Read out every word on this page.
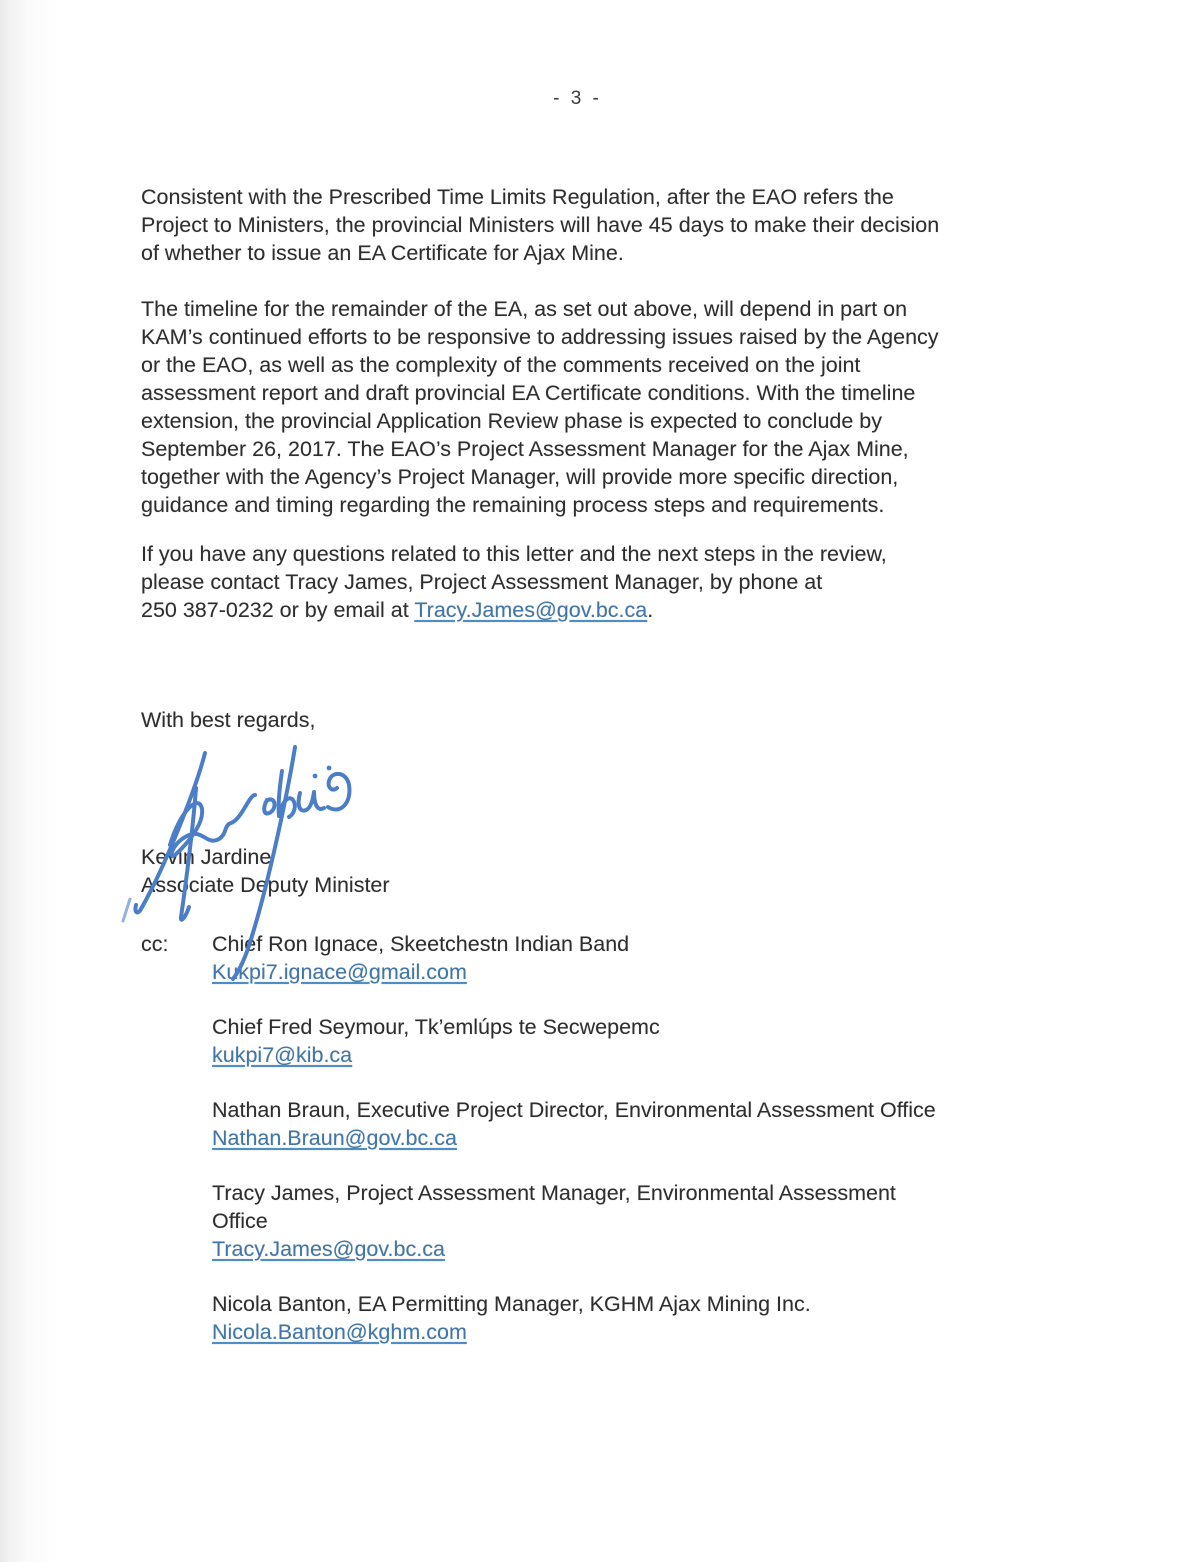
- 3 -
Consistent with the Prescribed Time Limits Regulation, after the EAO refers the
Project to Ministers, the provincial Ministers will have 45 days to make their decision
of whether to issue an EA Certificate for Ajax Mine.
The timeline for the remainder of the EA, as set out above, will depend in part on
KAM’s continued efforts to be responsive to addressing issues raised by the Agency
or the EAO, as well as the complexity of the comments received on the joint
assessment report and draft provincial EA Certificate conditions. With the timeline
extension, the provincial Application Review phase is expected to conclude by
September 26, 2017. The EAO’s Project Assessment Manager for the Ajax Mine,
together with the Agency’s Project Manager, will provide more specific direction,
guidance and timing regarding the remaining process steps and requirements.
If you have any questions related to this letter and the next steps in the review,
please contact Tracy James, Project Assessment Manager, by phone at
250 387-0232 or by email at Tracy.James@gov.bc.ca.
With best regards,
Kevin Jardine
Associate Deputy Minister
cc:	Chief Ron Ignace, Skeetchestn Indian Band
Kukpi7.ignace@gmail.com
Chief Fred Seymour, Tk’emlúps te Secwepemc
kukpi7@kib.ca
Nathan Braun, Executive Project Director, Environmental Assessment Office
Nathan.Braun@gov.bc.ca
Tracy James, Project Assessment Manager, Environmental Assessment
Office
Tracy.James@gov.bc.ca
Nicola Banton, EA Permitting Manager, KGHM Ajax Mining Inc.
Nicola.Banton@kghm.com
